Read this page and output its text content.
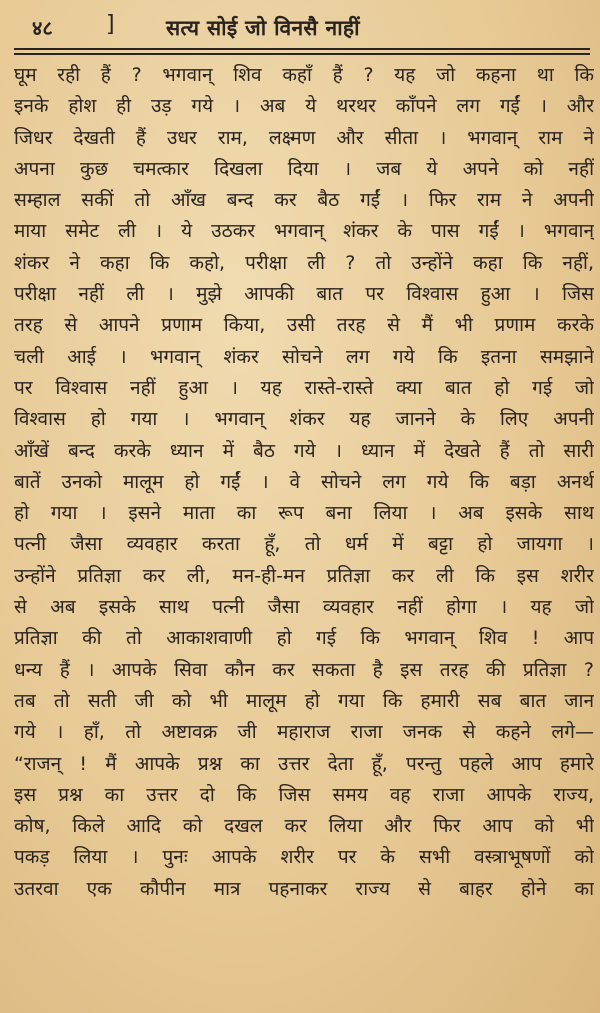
४८ ] सत्य सोई जो विनसै नाहीं
घूम रही हैं ? भगवान् शिव कहाँ हैं ? यह जो कहना था कि
इनके होश ही उड़ गये । अब ये थरथर काँपने लग गईं । और
जिधर देखती हैं उधर राम, लक्ष्मण और सीता । भगवान् राम ने
अपना कुछ चमत्कार दिखला दिया । जब ये अपने को नहीं
सम्हाल सकीं तो आँख बन्द कर बैठ गईं । फिर राम ने अपनी
माया समेट ली । ये उठकर भगवान् शंकर के पास गईं । भगवान्
शंकर ने कहा कि कहो, परीक्षा ली ? तो उन्होंने कहा कि नहीं,
परीक्षा नहीं ली । मुझे आपकी बात पर विश्वास हुआ । जिस
तरह से आपने प्रणाम किया, उसी तरह से मैं भी प्रणाम करके
चली आई । भगवान् शंकर सोचने लग गये कि इतना समझाने
पर विश्वास नहीं हुआ । यह रास्ते-रास्ते क्या बात हो गई जो
विश्वास हो गया । भगवान् शंकर यह जानने के लिए अपनी
आँखें बन्द करके ध्यान में बैठ गये । ध्यान में देखते हैं तो सारी
बातें उनको मालूम हो गईं । वे सोचने लग गये कि बड़ा अनर्थ
हो गया । इसने माता का रूप बना लिया । अब इसके साथ
पत्नी जैसा व्यवहार करता हूँ, तो धर्म में बट्टा हो जायगा ।
उन्होंने प्रतिज्ञा कर ली, मन-ही-मन प्रतिज्ञा कर ली कि इस शरीर
से अब इसके साथ पत्नी जैसा व्यवहार नहीं होगा । यह जो
प्रतिज्ञा की तो आकाशवाणी हो गई कि भगवान् शिव ! आप
धन्य हैं । आपके सिवा कौन कर सकता है इस तरह की प्रतिज्ञा ?
तब तो सती जी को भी मालूम हो गया कि हमारी सब बात जान
गये । हाँ, तो अष्टावक्र जी महाराज राजा जनक से कहने लगे—
“राजन् ! मैं आपके प्रश्न का उत्तर देता हूँ, परन्तु पहले आप हमारे
इस प्रश्न का उत्तर दो कि जिस समय वह राजा आपके राज्य,
कोष, किले आदि को दखल कर लिया और फिर आप को भी
पकड़ लिया । पुनः आपके शरीर पर के सभी वस्त्राभूषणों को
उतरवा एक कौपीन मात्र पहनाकर राज्य से बाहर होने का
